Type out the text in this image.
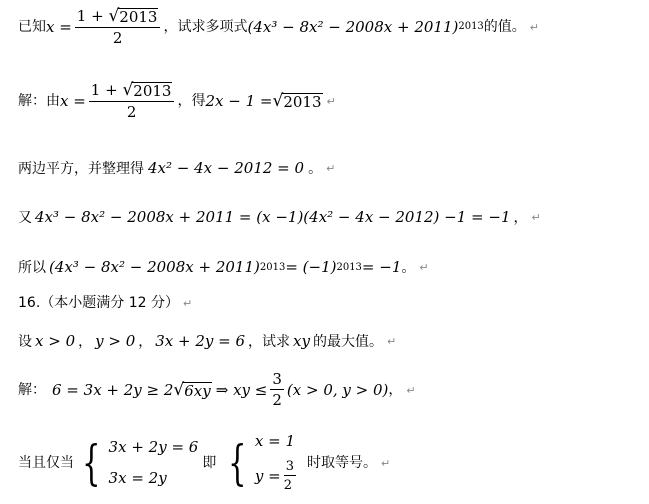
已知 $x = \frac{1 + √ 2013}{2}$ ，试求多项式 (4x³ − 8x² − 2008x + 2011) 2013 的值。 ↵
解：由 $x = \frac{1 + √ 2013}{2}$ ，得 2x − 1 = √ 2013 ↵
两边平方，并整理得 4x² − 4x − 2012 = 0 。 ↵
又 4x³ − 8x² − 2008x + 2011 = (x −1)(4x² − 4x − 2012) −1 = −1 ， ↵
所以 (4x³ − 8x² − 2008x + 2011) 2013 = (−1) 2013 = −1 。 ↵
16.（本小题满分 12 分） ↵
设 x > 0 ， y > 0 ， 3x + 2y = 6 ，试求 xy 的最大值。 ↵
解： 6 = 3x + 2y ≥ 2 √ 6xy ⇒ xy ≤ $\frac{3}{2} (x > 0$, y > 0) ， ↵
当且仅当 { 3x + 2y = 6
3x = 2y
即 { x = 1
$y = \frac{3}{2}$ 时取等号。 ↵
